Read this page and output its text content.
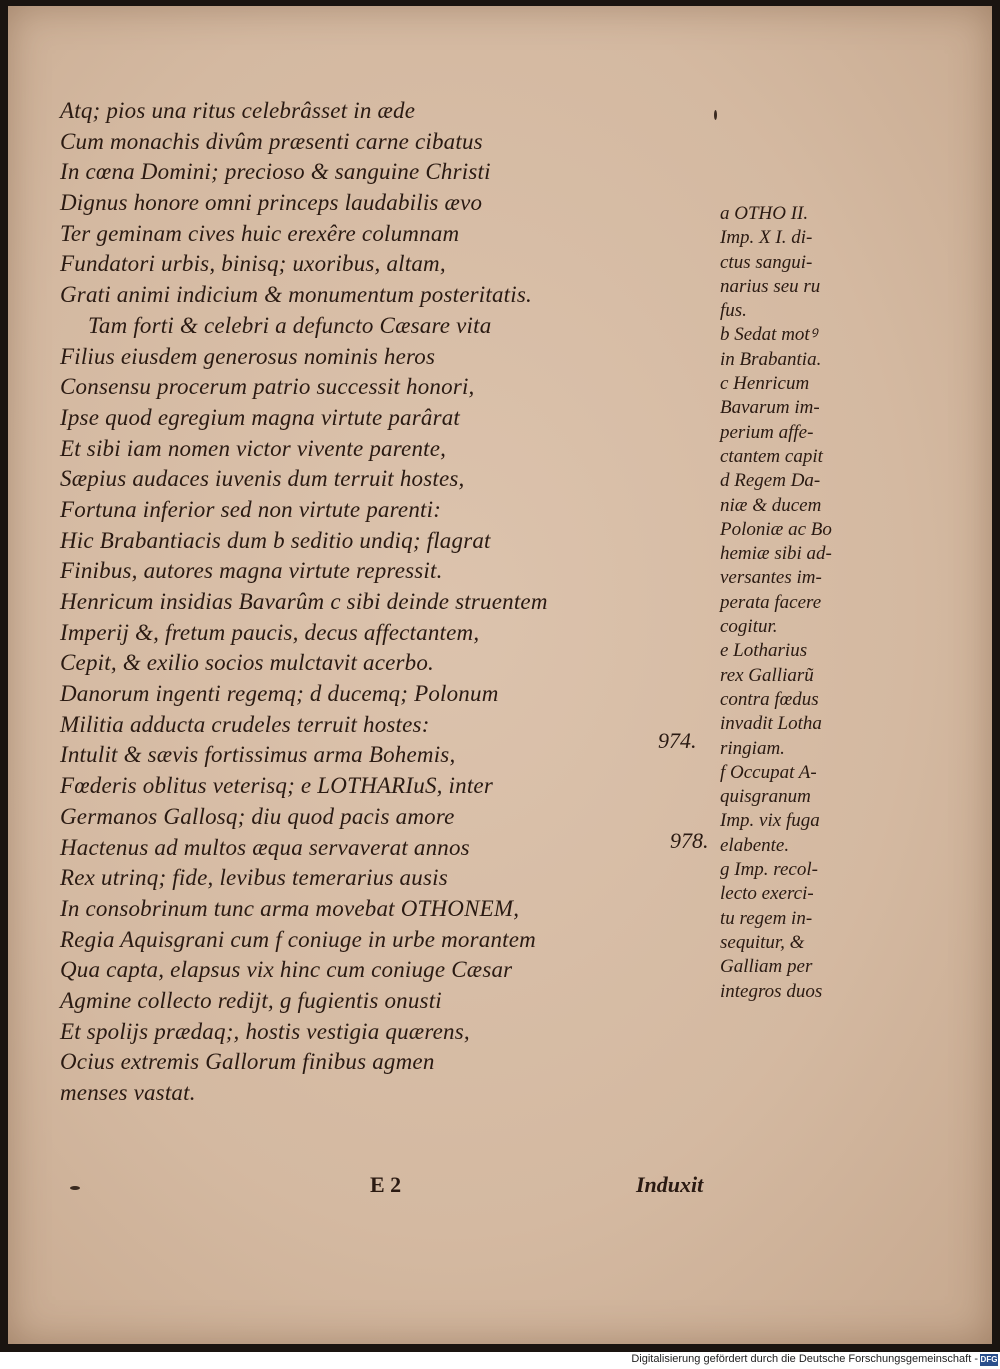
Atq; pios una ritus celebrâsset in æde
Cum monachis divûm præsenti carne cibatus
In cœna Domini; precioso & sanguine Christi
Dignus honore omni princeps laudabilis ævo
Ter geminam cives huic erexêre columnam
Fundatori urbis, binisq; uxoribus, altam,
Grati animi indicium & monumentum posteritatis.
Tam forti & celebri a defuncto Cæsare vita
Filius eiusdem generosus nominis heros
Consensu procerum patrio successit honori,
Ipse quod egregium magna virtute parârat
Et sibi iam nomen victor vivente parente,
Sæpius audaces iuvenis dum terruit hostes,
Fortuna inferior sed non virtute parenti:
Hic Brabantiacis dum b seditio undiq; flagrat
Finibus, autores magna virtute repressit.
Henricum insidias Bavarûm c sibi deinde struentem
Imperij &, fretum paucis, decus affectantem,
Cepit, & exilio socios mulctavit acerbo.
Danorum ingenti regemq; d ducemq; Polonum
Militia adducta crudeles terruit hostes:
Intulit & sævis fortissimus arma Bohemis,
Fœderis oblitus veterisq; e LOTHARIuS, inter
Germanos Gallosq; diu quod pacis amore
Hactenus ad multos æqua servaverat annos
Rex utrinq; fide, levibus temerarius ausis
In consobrinum tunc arma movebat OTHONEM,
Regia Aquisgrani cum f coniuge in urbe morantem
Qua capta, elapsus vix hinc cum coniuge Cæsar
Agmine collecto redijt, g fugientis onusti
Et spolijs prædaq;, hostis vestigia quærens,
Ocius extremis Gallorum finibus agmen
menses vastat.
a OTHO II.
Imp. X I. di-
ctus sangui-
narius seu ru
fus.
b Sedat motꝰ
in Brabantia.
c Henricum
Bavarum im-
perium affe-
ctantem capit
d Regem Da-
niæ & ducem
Poloniæ ac Bo
hemiæ sibi ad-
versantes im-
perata facere
cogitur.
e Lotharius
rex Galliarũ
contra fœdus
invadit Lotha
ringiam.
f Occupat A-
quisgranum
Imp. vix fuga
elabente.
g Imp. recol-
lecto exerci-
tu regem in-
sequitur, &
Galliam per
integros duos
974.
978.
E 2	Induxit
Digitalisierung gefördert durch die Deutsche Forschungsgemeinschaft - DFG
